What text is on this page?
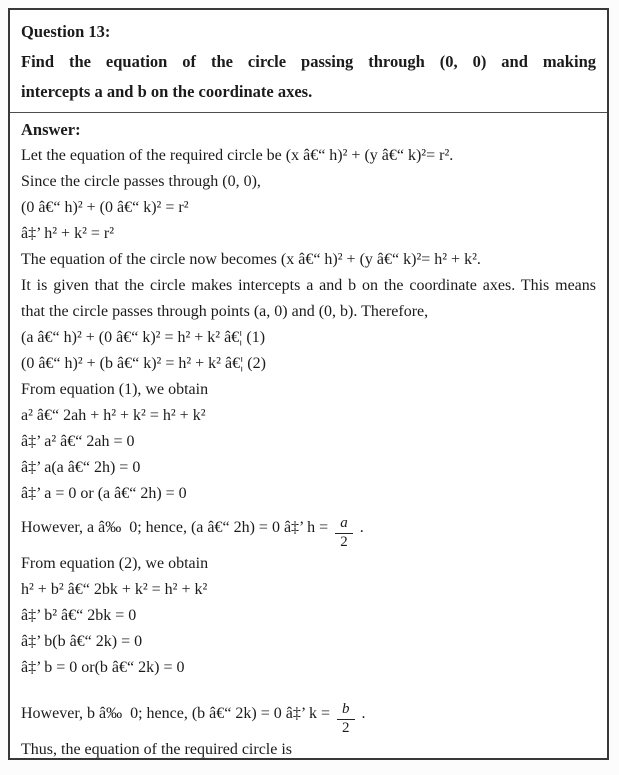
Question 13:
Find the equation of the circle passing through (0, 0) and making
intercepts a and b on the coordinate axes.
Answer:
Let the equation of the required circle be (x â€“ h)² + (y â€“ k)²= r².
Since the circle passes through (0, 0),
(0 â€“ h)² + (0 â€“ k)² = r²
â‡’ h² + k² = r²
The equation of the circle now becomes (x â€“ h)² + (y â€“ k)²= h² + k².
It is given that the circle makes intercepts a and b on the coordinate axes. This means
that the circle passes through points (a, 0) and (0, b). Therefore,
(a â€“ h)² + (0 â€“ k)² = h² + k² â€¦ (1)
(0 â€“ h)² + (b â€“ k)² = h² + k² â€¦ (2)
From equation (1), we obtain
a² â€“ 2ah + h² + k² = h² + k²
â‡’ a² â€“ 2ah = 0
â‡’ a(a â€“ 2h) = 0
â‡’ a = 0 or (a â€“ 2h) = 0
However, a â‰  0; hence, (a â€“ 2h) = 0 â‡’ $h = \frac{a}{2}$ .
From equation (2), we obtain
h² + b² â€“ 2bk + k² = h² + k²
â‡’ b² â€“ 2bk = 0
â‡’ b(b â€“ 2k) = 0
â‡’ b = 0 or(b â€“ 2k) = 0
However, b â‰  0; hence, (b â€“ 2k) = 0 â‡’ $k = \frac{b}{2}$ .
Thus, the equation of the required circle is
